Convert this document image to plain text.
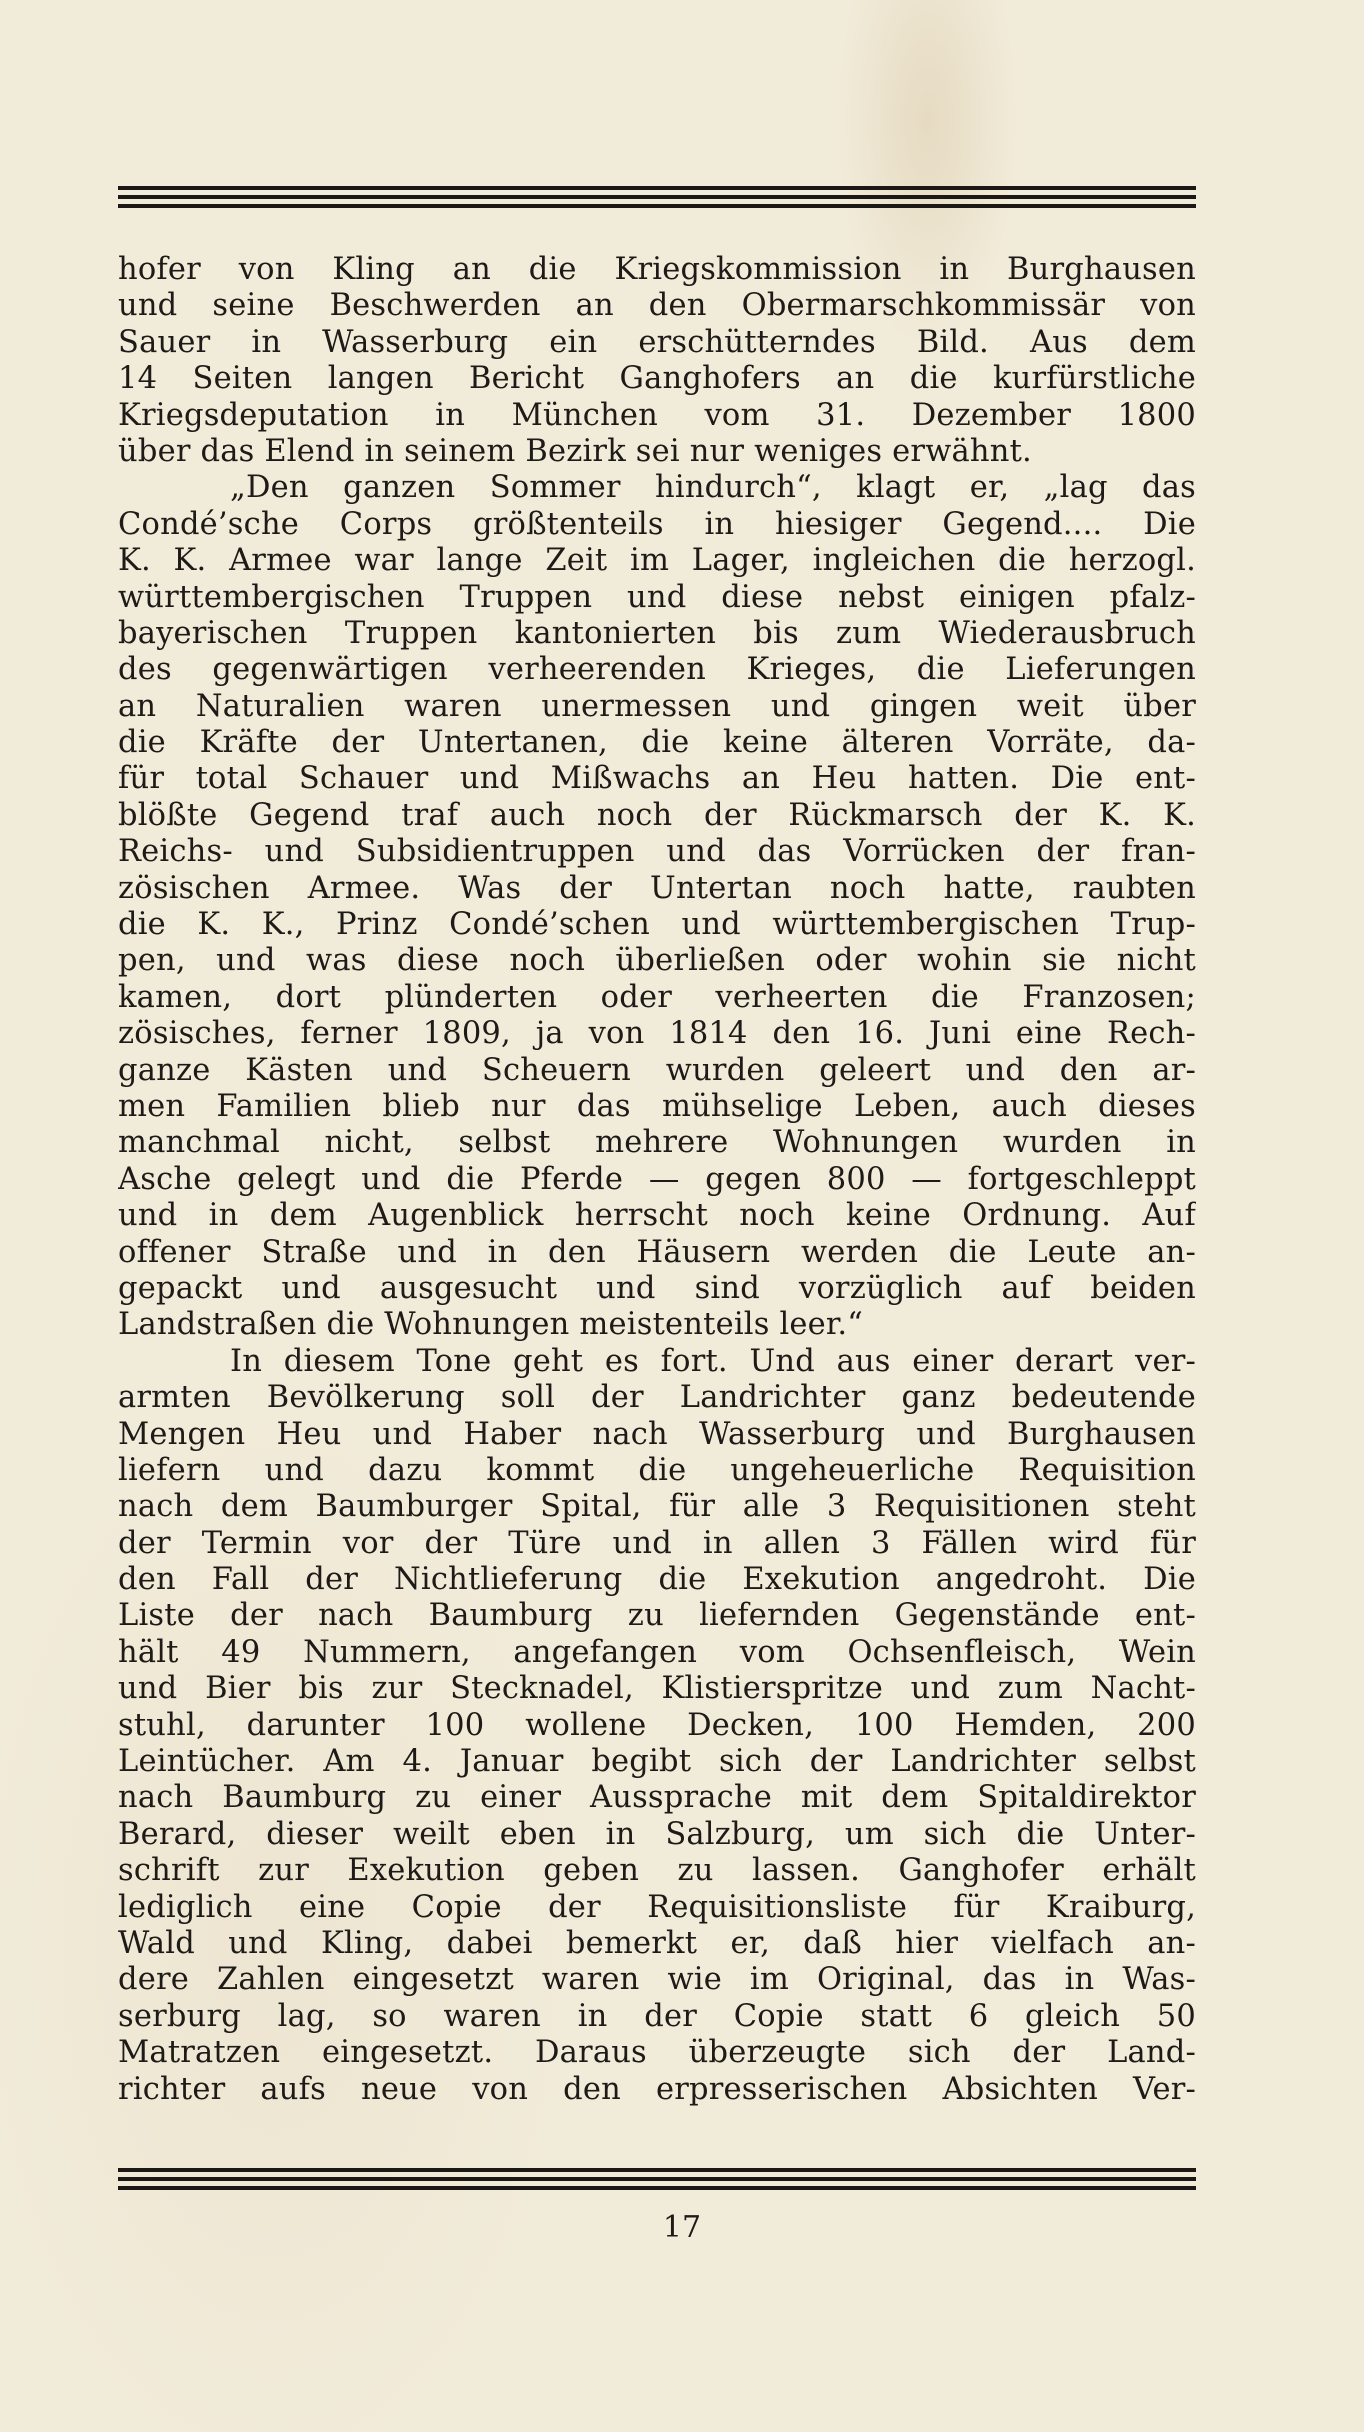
hofer von Kling an die Kriegskommission in Burghausen
und seine Beschwerden an den Obermarschkommissär von
Sauer in Wasserburg ein erschütterndes Bild. Aus dem
14 Seiten langen Bericht Ganghofers an die kurfürstliche
Kriegsdeputation in München vom 31. Dezember 1800
über das Elend in seinem Bezirk sei nur weniges erwähnt.
„Den ganzen Sommer hindurch“, klagt er, „lag das
Condé’sche Corps größtenteils in hiesiger Gegend.... Die
K. K. Armee war lange Zeit im Lager, ingleichen die herzogl.
württembergischen Truppen und diese nebst einigen pfalz-
bayerischen Truppen kantonierten bis zum Wiederausbruch
des gegenwärtigen verheerenden Krieges, die Lieferungen
an Naturalien waren unermessen und gingen weit über
die Kräfte der Untertanen, die keine älteren Vorräte, da-
für total Schauer und Mißwachs an Heu hatten. Die ent-
blößte Gegend traf auch noch der Rückmarsch der K. K.
Reichs- und Subsidientruppen und das Vorrücken der fran-
zösischen Armee. Was der Untertan noch hatte, raubten
die K. K., Prinz Condé’schen und württembergischen Trup-
pen, und was diese noch überließen oder wohin sie nicht
kamen, dort plünderten oder verheerten die Franzosen;
zösisches, ferner 1809, ja von 1814 den 16. Juni eine Rech-
ganze Kästen und Scheuern wurden geleert und den ar-
men Familien blieb nur das mühselige Leben, auch dieses
manchmal nicht, selbst mehrere Wohnungen wurden in
Asche gelegt und die Pferde — gegen 800 — fortgeschleppt
und in dem Augenblick herrscht noch keine Ordnung. Auf
offener Straße und in den Häusern werden die Leute an-
gepackt und ausgesucht und sind vorzüglich auf beiden
Landstraßen die Wohnungen meistenteils leer.“
In diesem Tone geht es fort. Und aus einer derart ver-
armten Bevölkerung soll der Landrichter ganz bedeutende
Mengen Heu und Haber nach Wasserburg und Burghausen
liefern und dazu kommt die ungeheuerliche Requisition
nach dem Baumburger Spital, für alle 3 Requisitionen steht
der Termin vor der Türe und in allen 3 Fällen wird für
den Fall der Nichtlieferung die Exekution angedroht. Die
Liste der nach Baumburg zu liefernden Gegenstände ent-
hält 49 Nummern, angefangen vom Ochsenfleisch, Wein
und Bier bis zur Stecknadel, Klistierspritze und zum Nacht-
stuhl, darunter 100 wollene Decken, 100 Hemden, 200
Leintücher. Am 4. Januar begibt sich der Landrichter selbst
nach Baumburg zu einer Aussprache mit dem Spitaldirektor
Berard, dieser weilt eben in Salzburg, um sich die Unter-
schrift zur Exekution geben zu lassen. Ganghofer erhält
lediglich eine Copie der Requisitionsliste für Kraiburg,
Wald und Kling, dabei bemerkt er, daß hier vielfach an-
dere Zahlen eingesetzt waren wie im Original, das in Was-
serburg lag, so waren in der Copie statt 6 gleich 50
Matratzen eingesetzt. Daraus überzeugte sich der Land-
richter aufs neue von den erpresserischen Absichten Ver-
17
